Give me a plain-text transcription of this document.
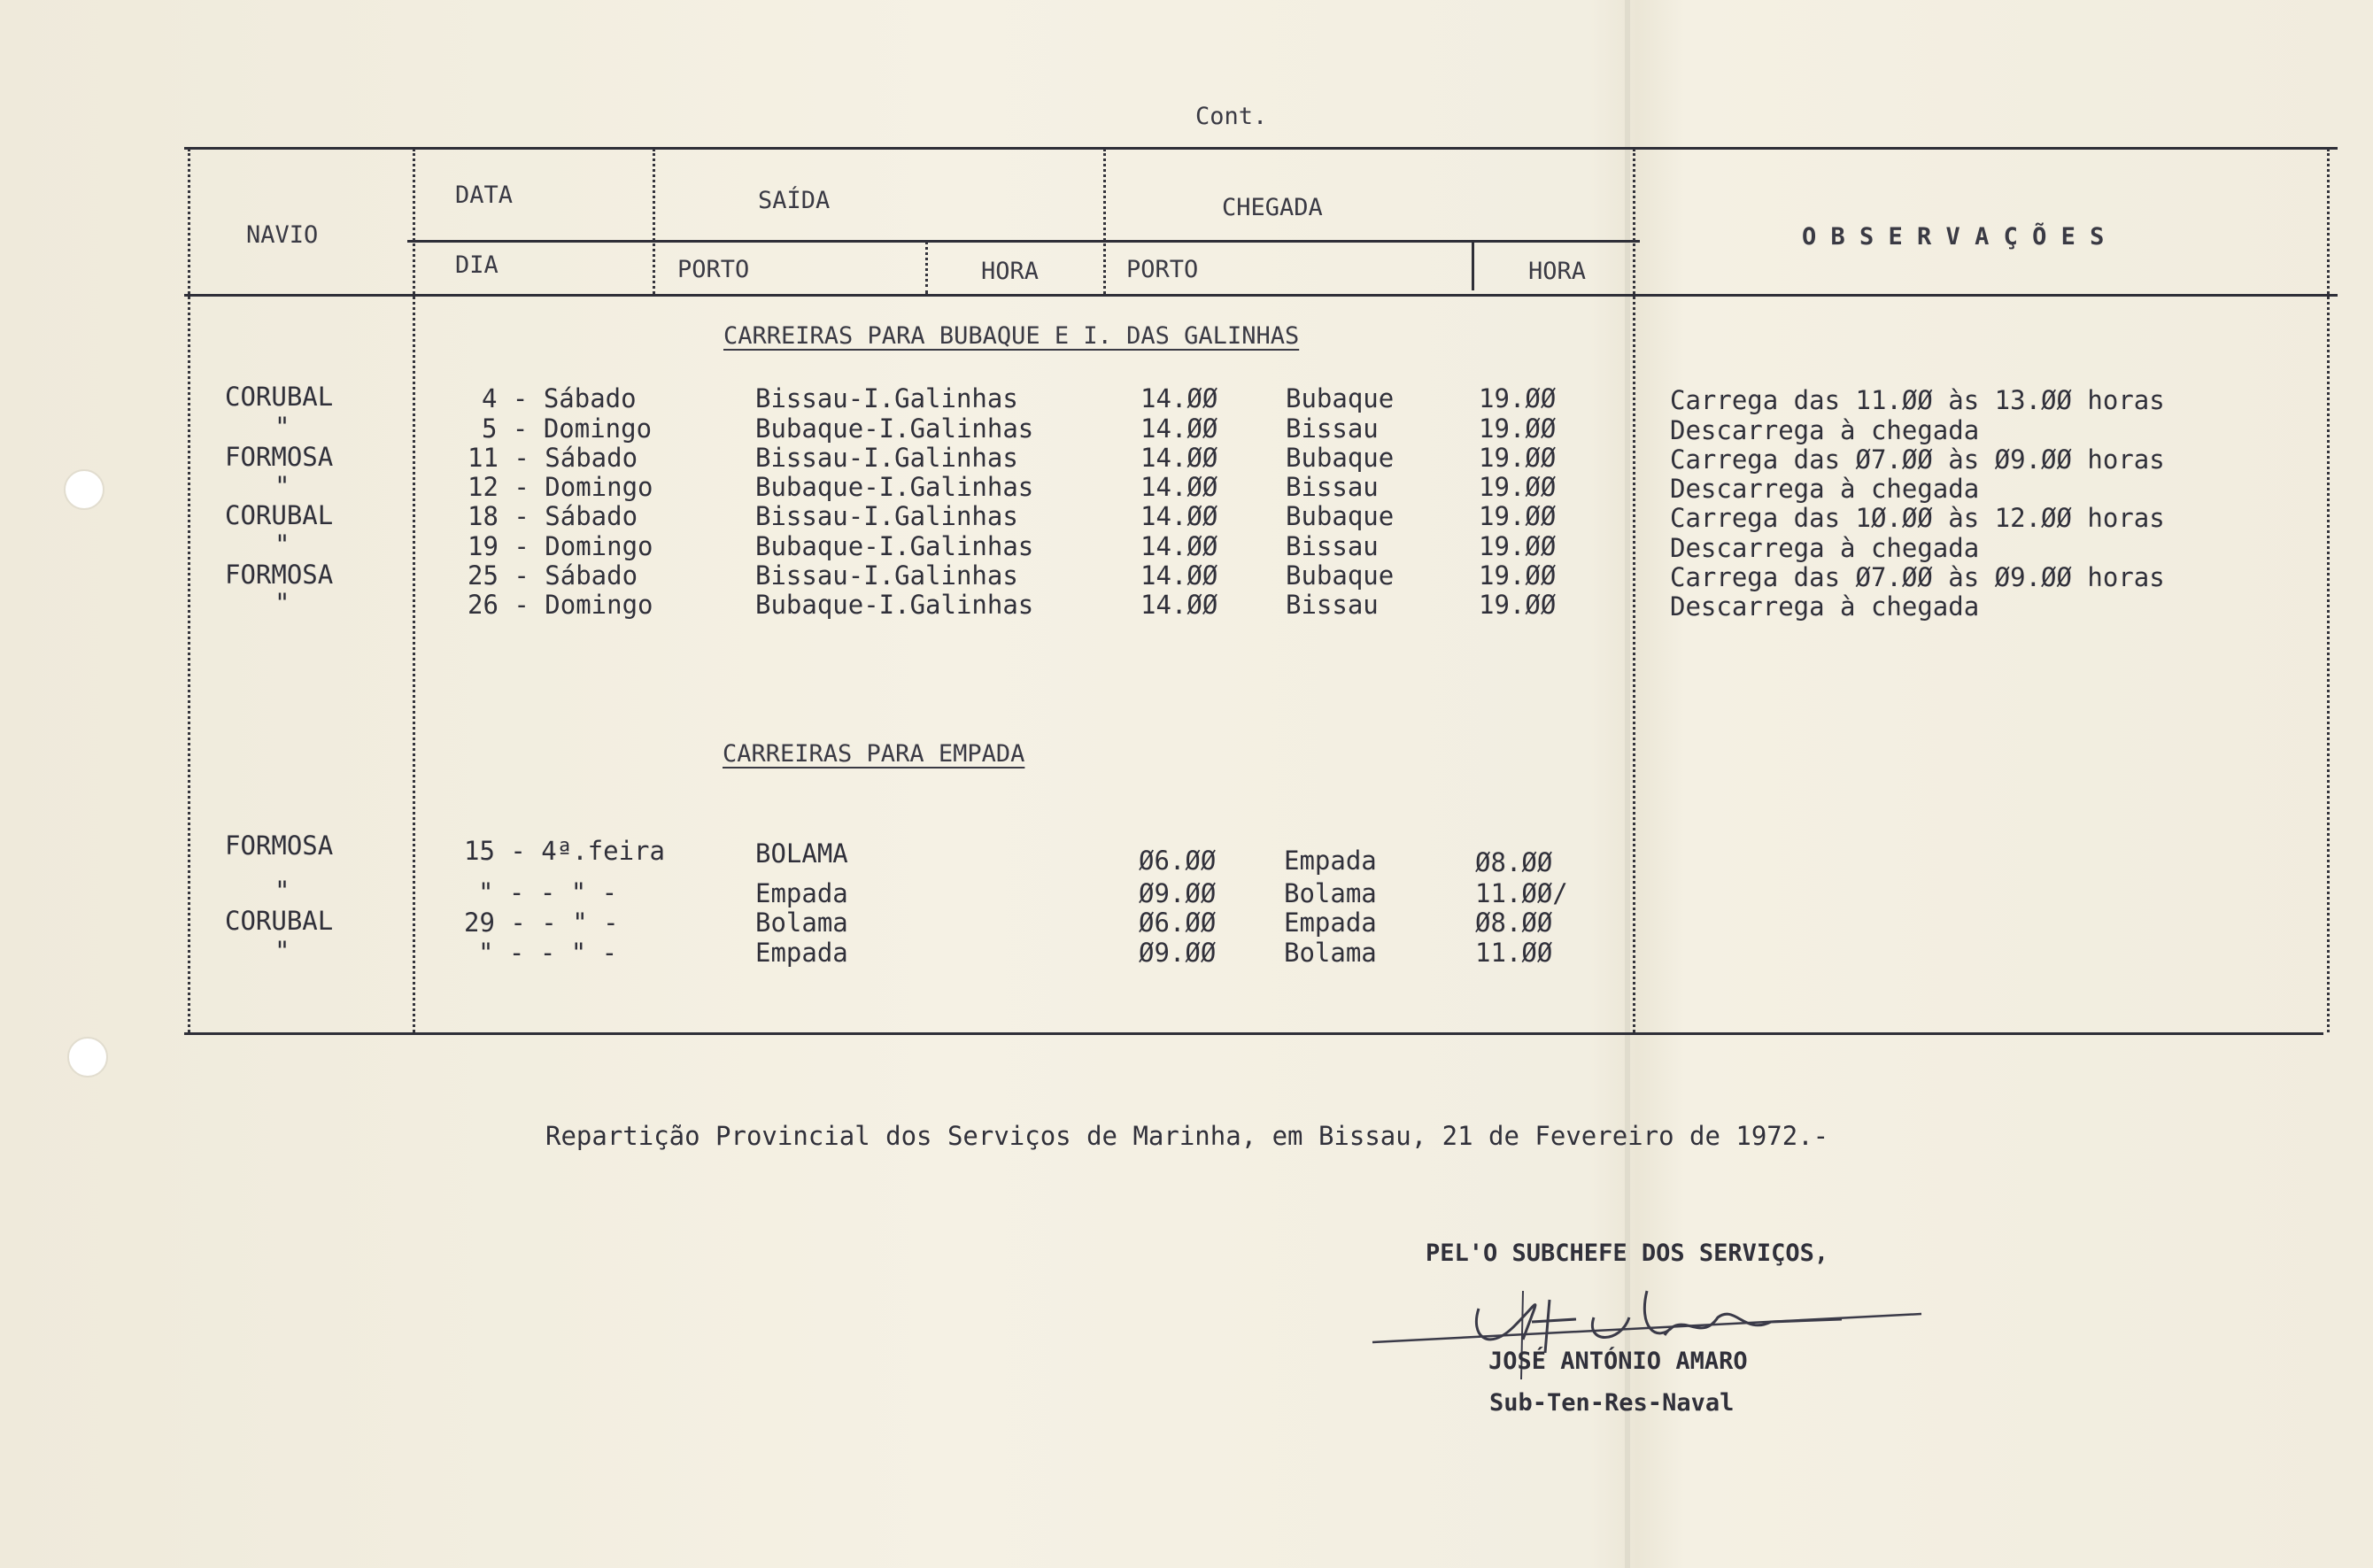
Cont.
NAVIO
DATA
DIA
SAÍDA	CHEGADA
PORTO	HORA	PORTO	HORA
O B S E R V A Ç Õ E S
CARREIRAS PARA BUBAQUE E I. DAS GALINHAS
CARREIRAS PARA EMPADA
CORUBAL	4 - Sábado	Bissau-I.Galinhas	14.ØØ	Bubaque	19.ØØ	Carrega das 11.ØØ às 13.ØØ horas
"	5 - Domingo	Bubaque-I.Galinhas	14.ØØ	Bissau	19.ØØ	Descarrega à chegada
FORMOSA	11 - Sábado	Bissau-I.Galinhas	14.ØØ	Bubaque	19.ØØ	Carrega das Ø7.ØØ às Ø9.ØØ horas
"	12 - Domingo	Bubaque-I.Galinhas	14.ØØ	Bissau	19.ØØ	Descarrega à chegada
CORUBAL	18 - Sábado	Bissau-I.Galinhas	14.ØØ	Bubaque	19.ØØ	Carrega das 1Ø.ØØ às 12.ØØ horas
"	19 - Domingo	Bubaque-I.Galinhas	14.ØØ	Bissau	19.ØØ	Descarrega à chegada
FORMOSA	25 - Sábado	Bissau-I.Galinhas	14.ØØ	Bubaque	19.ØØ	Carrega das Ø7.ØØ às Ø9.ØØ horas
"	26 - Domingo	Bubaque-I.Galinhas	14.ØØ	Bissau	19.ØØ	Descarrega à chegada
FORMOSA	15 - 4ª.feira	BOLAMA	Ø6.ØØ	Empada	Ø8.ØØ
"	" - - " -	Empada	Ø9.ØØ	Bolama	11.ØØ/
CORUBAL	29 - - " -	Bolama	Ø6.ØØ	Empada	Ø8.ØØ
"	" - - " -	Empada	Ø9.ØØ	Bolama	11.ØØ
Repartição Provincial dos Serviços de Marinha, em Bissau, 21 de Fevereiro de 1972.-
PEL'O SUBCHEFE DOS SERVIÇOS,
JOSÉ ANTÓNIO AMARO
Sub-Ten-Res-Naval
